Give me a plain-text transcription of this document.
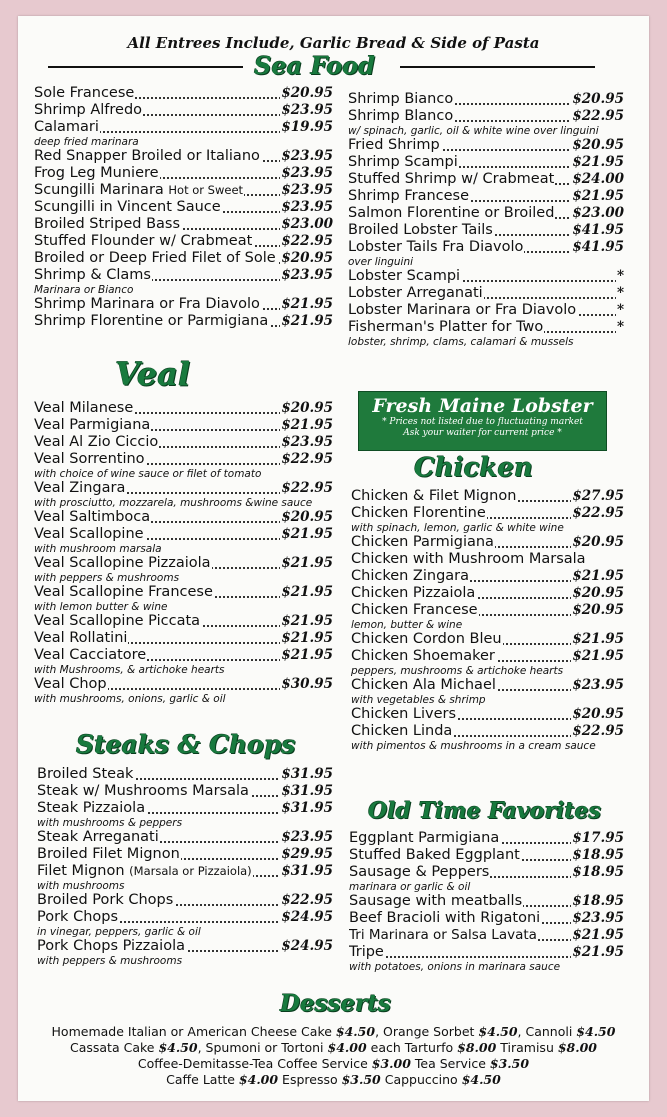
All Entrees Include, Garlic Bread & Side of Pasta
Sea Food
Sole Francese	$20.95
Shrimp Alfredo	$23.95
Calamari	$19.95
deep fried marinara
Red Snapper Broiled or Italiano $23.95
Frog Leg Muniere	$23.95
Scungilli Marinara Hot or Sweet	$23.95
Scungilli in Vincent Sauce	$23.95
Broiled Striped Bass	$23.00
Stuffed Flounder w/ Crabmeat $22.95
Broiled or Deep Fried Filet of Sole $20.95
Shrimp & Clams	$23.95
Marinara or Bianco
Shrimp Marinara or Fra Diavolo $21.95
Shrimp Florentine or Parmigiana $21.95
Shrimp Bianco	$20.95
Shrimp Blanco	$22.95
w/ spinach, garlic, oil & white wine over linguini
Fried Shrimp	$20.95
Shrimp Scampi	$21.95
Stuffed Shrimp w/ Crabmeat $24.00
Shrimp Francese	$21.95
Salmon Florentine or Broiled $23.00
Broiled Lobster Tails	$41.95
Lobster Tails Fra Diavolo	$41.95
over linguini
Lobster Scampi	*
Lobster Arreganati	*
Lobster Marinara or Fra Diavolo	*
Fisherman's Platter for Two	*
lobster, shrimp, clams, calamari & mussels
Veal
Veal Milanese	$20.95
Veal Parmigiana	$21.95
Veal Al Zio Ciccio	$23.95
Veal Sorrentino	$22.95
with choice of wine sauce or filet of tomato
Veal Zingara	$22.95
with prosciutto, mozzarela, mushrooms &wine sauce
Veal Saltimboca	$20.95
Veal Scallopine	$21.95
with mushroom marsala
Veal Scallopine Pizzaiola	$21.95
with peppers & mushrooms
Veal Scallopine Francese	$21.95
with lemon butter & wine
Veal Scallopine Piccata	$21.95
Veal Rollatini	$21.95
Veal Cacciatore	$21.95
with Mushrooms, & artichoke hearts
Veal Chop	$30.95
with mushrooms, onions, garlic & oil
Steaks & Chops
Broiled Steak	$31.95
Steak w/ Mushrooms Marsala $31.95
Steak Pizzaiola	$31.95
with mushrooms & peppers
Steak Arreganati	$23.95
Broiled Filet Mignon	$29.95
Filet Mignon (Marsala or Pizzaiola) $31.95
with mushrooms
Broiled Pork Chops	$22.95
Pork Chops	$24.95
in vinegar, peppers, garlic & oil
Pork Chops Pizzaiola	$24.95
with peppers & mushrooms
Fresh Maine Lobster
* Prices not listed due to fluctuating market
Ask your waiter for current price *
Chicken
Chicken & Filet Mignon	$27.95
Chicken Florentine	$22.95
with spinach, lemon, garlic & white wine
Chicken Parmigiana	$20.95
Chicken with Mushroom Marsala
Chicken Zingara	$21.95
Chicken Pizzaiola	$20.95
Chicken Francese	$20.95
lemon, butter & wine
Chicken Cordon Bleu	$21.95
Chicken Shoemaker	$21.95
peppers, mushrooms & artichoke hearts
Chicken Ala Michael	$23.95
with vegetables & shrimp
Chicken Livers	$20.95
Chicken Linda	$22.95
with pimentos & mushrooms in a cream sauce
Old Time Favorites
Eggplant Parmigiana	$17.95
Stuffed Baked Eggplant	$18.95
Sausage & Peppers	$18.95
marinara or garlic & oil
Sausage with meatballs	$18.95
Beef Bracioli with Rigatoni $23.95
Tri Marinara or Salsa Lavata	$21.95
Tripe	$21.95
with potatoes, onions in marinara sauce
Desserts
Homemade Italian or American Cheese Cake $4.50, Orange Sorbet $4.50, Cannoli $4.50
Cassata Cake $4.50, Spumoni or Tortoni $4.00 each Tarturfo $8.00 Tiramisu $8.00
Coffee-Demitasse-Tea Coffee Service $3.00 Tea Service $3.50
Caffe Latte $4.00 Espresso $3.50 Cappuccino $4.50
